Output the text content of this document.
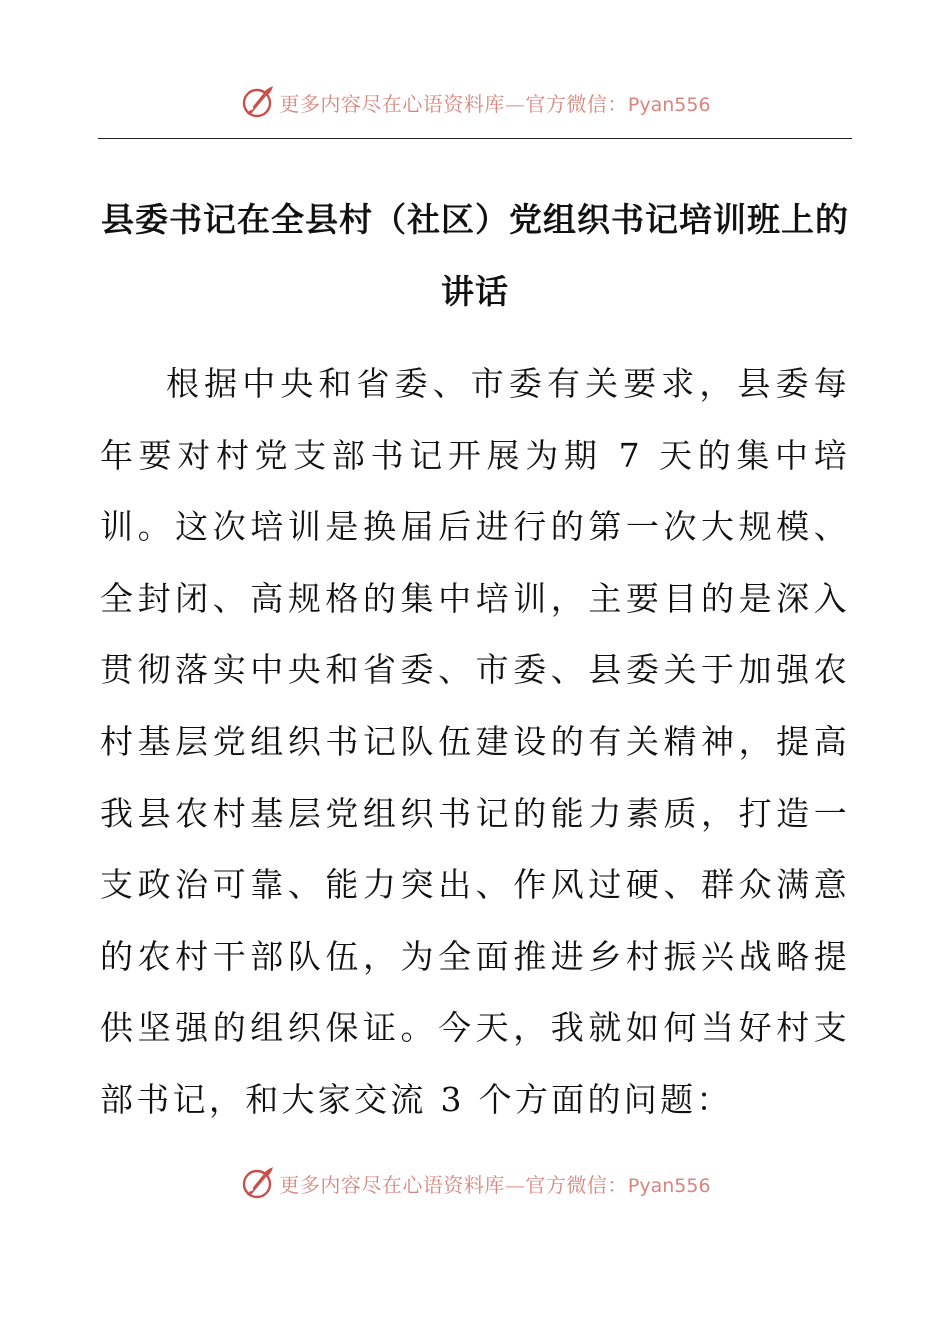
更多内容尽在心语资料库—官方微信：Pyan556
县委书记在全县村（社区）党组织书记培训班上的讲话

根据中央和省委、市委有关要求，县委每年要对村党支部书记开展为期 7 天的集中培训。这次培训是换届后进行的第一次大规模、全封闭、高规格的集中培训，主要目的是深入贯彻落实中央和省委、市委、县委关于加强农村基层党组织书记队伍建设的有关精神，提高我县农村基层党组织书记的能力素质，打造一支政治可靠、能力突出、作风过硬、群众满意的农村干部队伍，为全面推进乡村振兴战略提供坚强的组织保证。今天，我就如何当好村支部书记，和大家交流 3 个方面的问题：

更多内容尽在心语资料库—官方微信：Pyan556
